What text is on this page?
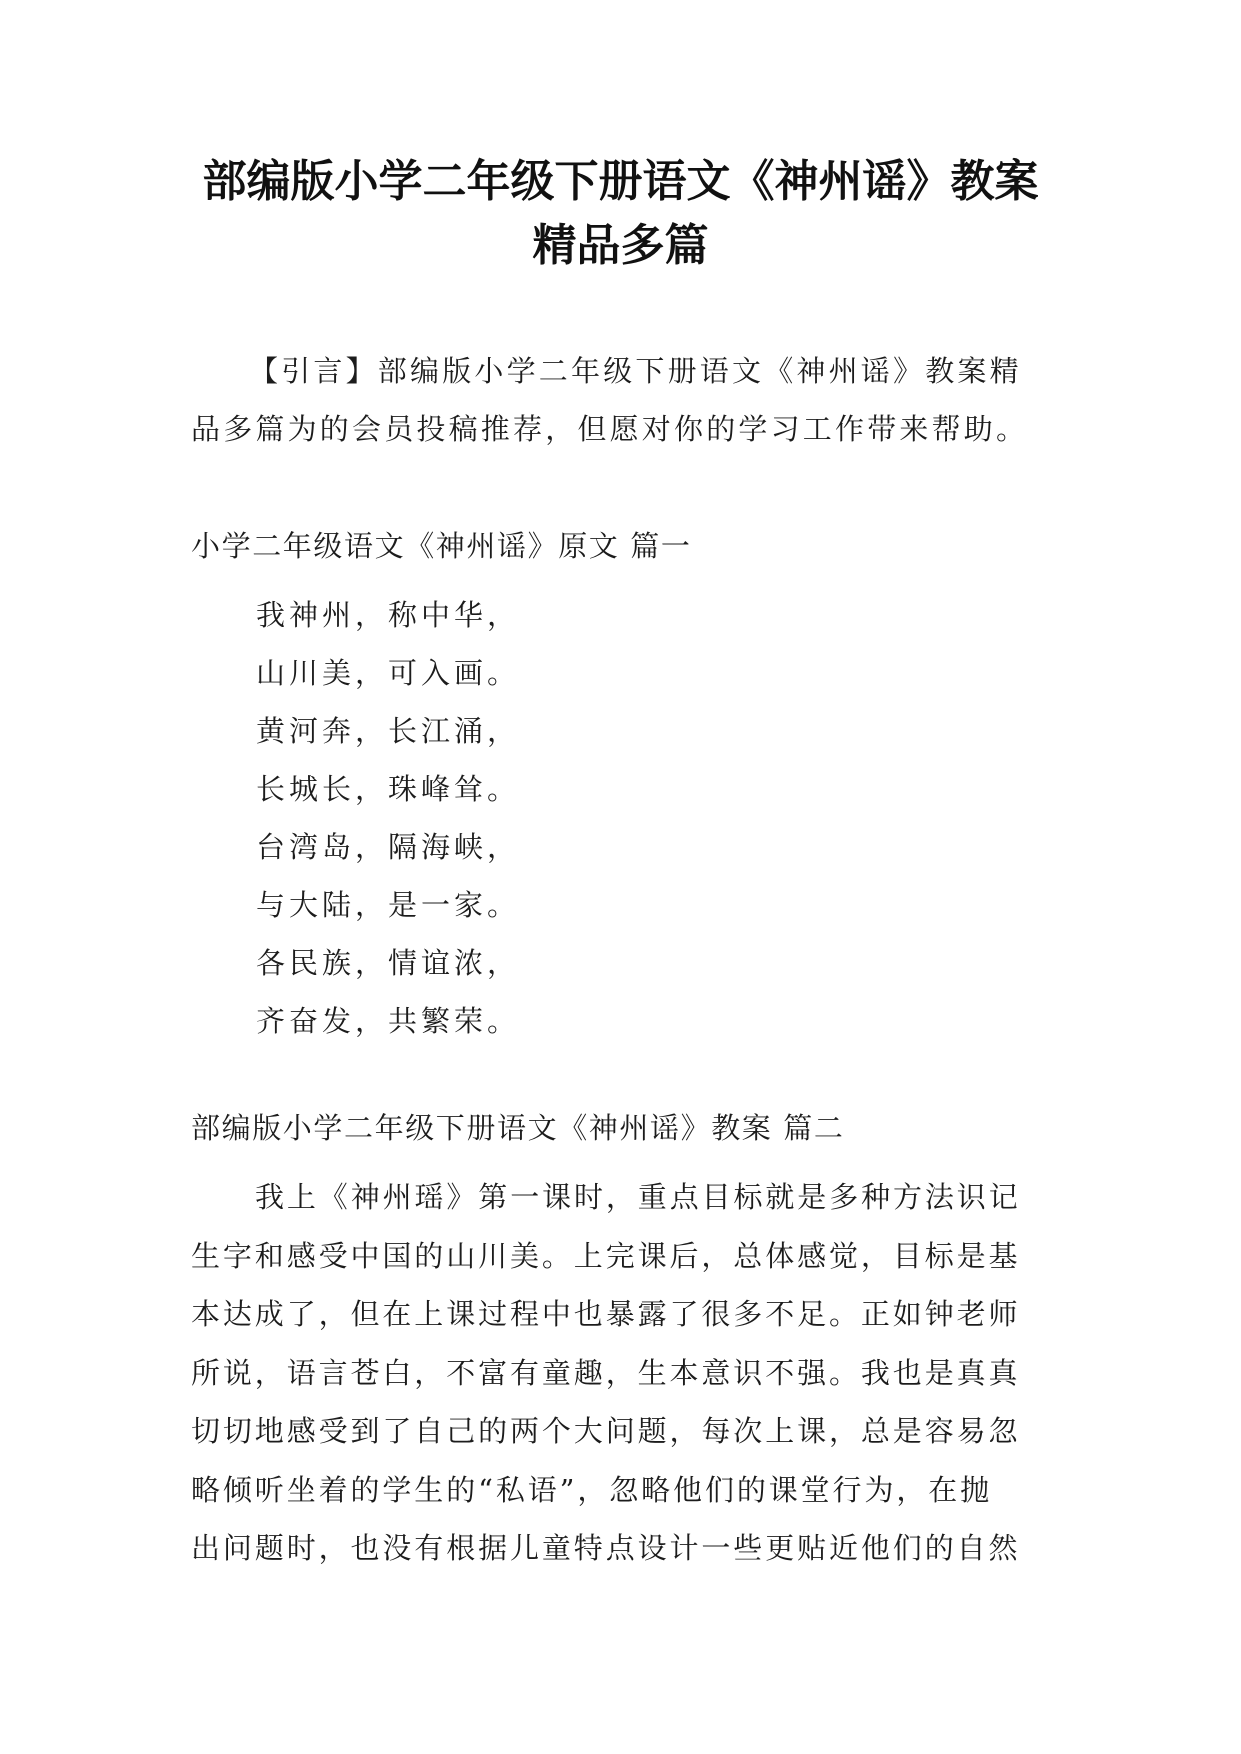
部编版小学二年级下册语文《神州谣》教案
精品多篇
【引言】部编版小学二年级下册语文《神州谣》教案精
品多篇为的会员投稿推荐，但愿对你的学习工作带来帮助。
小学二年级语文《神州谣》原文 篇一
我神州，称中华，
山川美，可入画。
黄河奔，长江涌，
长城长，珠峰耸。
台湾岛，隔海峡，
与大陆，是一家。
各民族，情谊浓，
齐奋发，共繁荣。
部编版小学二年级下册语文《神州谣》教案 篇二
我上《神州瑶》第一课时，重点目标就是多种方法识记
生字和感受中国的山川美。上完课后，总体感觉，目标是基
本达成了，但在上课过程中也暴露了很多不足。正如钟老师
所说，语言苍白，不富有童趣，生本意识不强。我也是真真
切切地感受到了自己的两个大问题，每次上课，总是容易忽
略倾听坐着的学生的“私语”，忽略他们的课堂行为，在抛
出问题时，也没有根据儿童特点设计一些更贴近他们的自然
